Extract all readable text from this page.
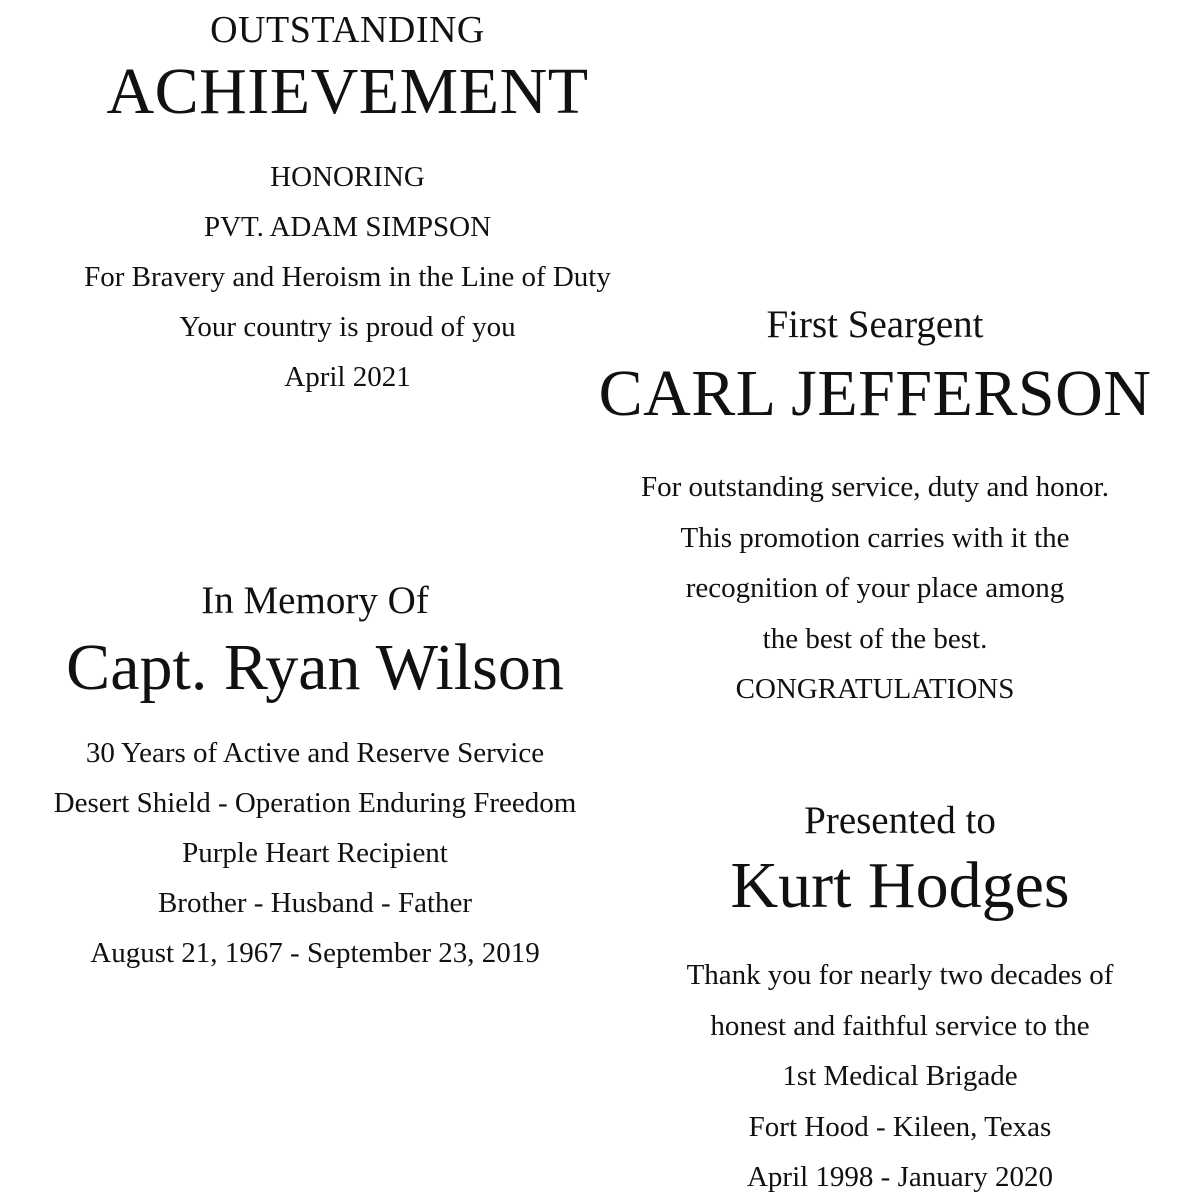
OUTSTANDING
ACHIEVEMENT
HONORING
PVT. ADAM SIMPSON
For Bravery and Heroism in the Line of Duty
Your country is proud of you
April 2021
First Seargent
CARL JEFFERSON
For outstanding service, duty and honor.
This promotion carries with it the
recognition of your place among
the best of the best.
CONGRATULATIONS
In Memory Of
Capt. Ryan Wilson
30 Years of Active and Reserve Service
Desert Shield - Operation Enduring Freedom
Purple Heart Recipient
Brother - Husband - Father
August 21, 1967 - September 23, 2019
Presented to
Kurt Hodges
Thank you for nearly two decades of
honest and faithful service to the
1st Medical Brigade
Fort Hood - Kileen, Texas
April 1998 - January 2020
